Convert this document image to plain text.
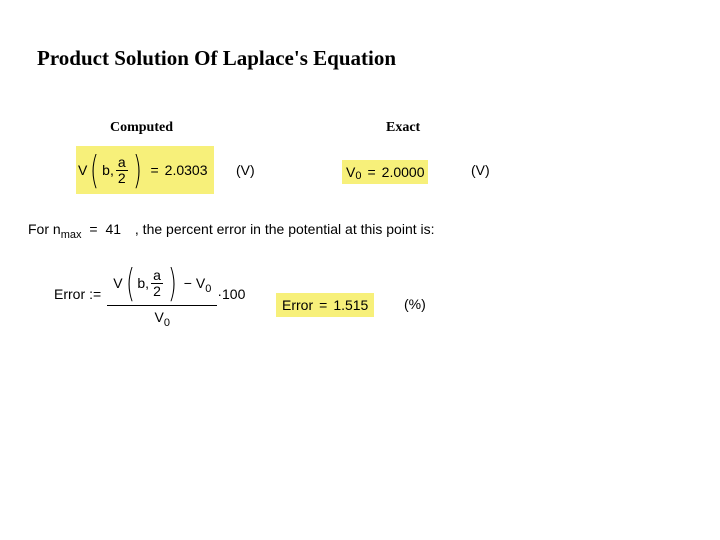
Product Solution Of Laplace's Equation
Computed
V ( b , $\frac{a}{2}$ ) = 2.0303 (V)
Exact
V 0 = 2.0000	(V)
For $n_{max} = 41$ , the percent error in the potential at this point is:
Error :=
V ( b , $\frac{a}{2}$ ) − $V_0$
$V_0$
· 100
Error = 1.515	(%)
